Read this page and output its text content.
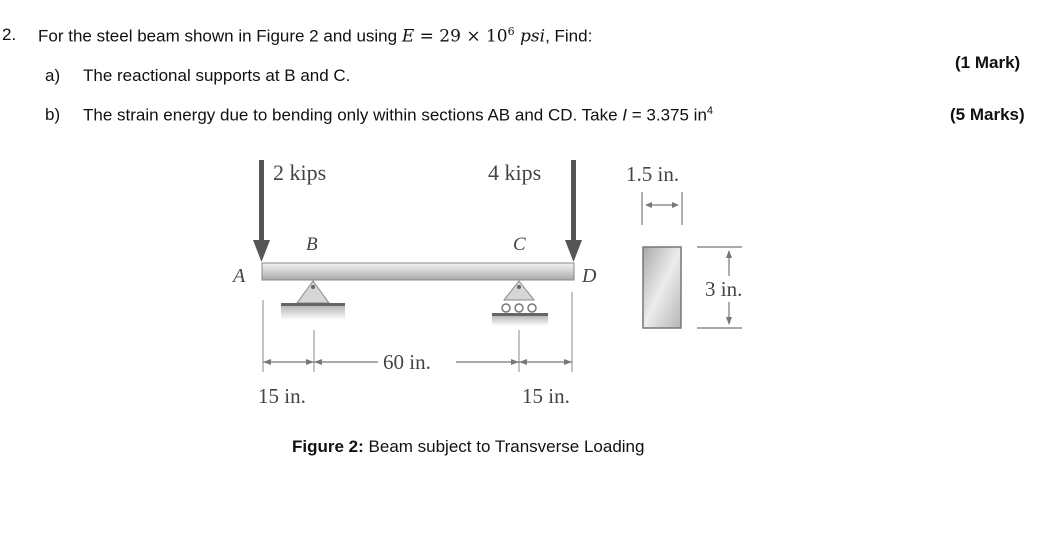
2. For the steel beam shown in Figure 2 and using $E = 29 \times 10^6$ psi, Find:
a) The reactional supports at B and C.
(1 Mark)
b) The strain energy due to bending only within sections AB and CD. Take I = 3.375 $in^4$	(5 Marks)
2 kips	4 kips
A
B	C
D
60 in.
15 in.	15 in.
1.5 in.
3 in.
Figure 2: Beam subject to Transverse Loading
